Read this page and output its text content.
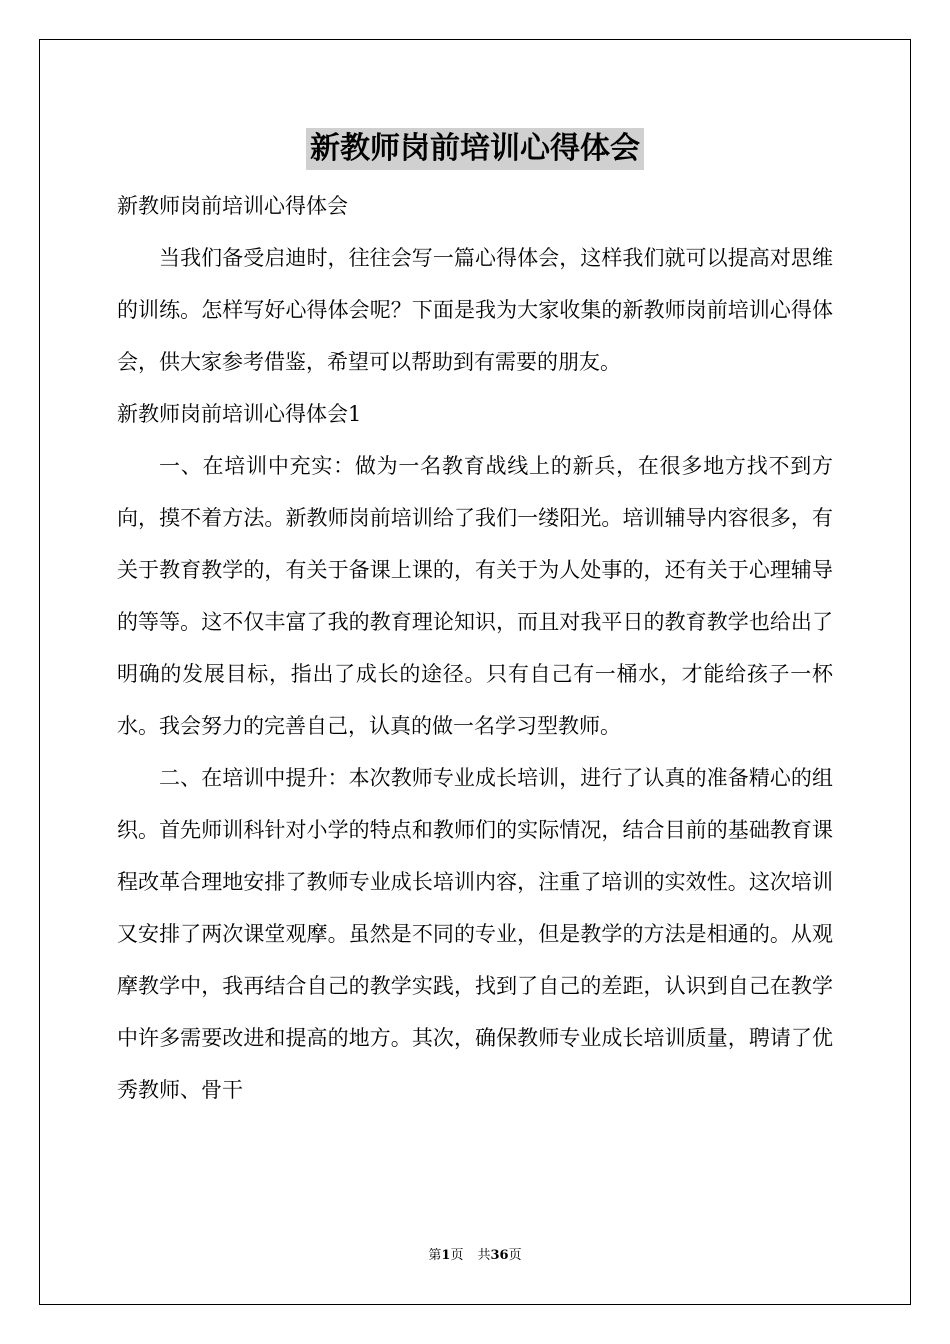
新教师岗前培训心得体会

新教师岗前培训心得体会

当我们备受启迪时，往往会写一篇心得体会，这样我们就可以提高对思维的训练。怎样写好心得体会呢？下面是我为大家收集的新教师岗前培训心得体会，供大家参考借鉴，希望可以帮助到有需要的朋友。

新教师岗前培训心得体会1

一、在培训中充实：做为一名教育战线上的新兵，在很多地方找不到方向，摸不着方法。新教师岗前培训给了我们一缕阳光。培训辅导内容很多，有关于教育教学的，有关于备课上课的，有关于为人处事的，还有关于心理辅导的等等。这不仅丰富了我的教育理论知识，而且对我平日的教育教学也给出了明确的发展目标，指出了成长的途径。只有自己有一桶水，才能给孩子一杯水。我会努力的完善自己，认真的做一名学习型教师。

二、在培训中提升：本次教师专业成长培训，进行了认真的准备精心的组织。首先师训科针对小学的特点和教师们的实际情况，结合目前的基础教育课程改革合理地安排了教师专业成长培训内容，注重了培训的实效性。这次培训又安排了两次课堂观摩。虽然是不同的专业，但是教学的方法是相通的。从观摩教学中，我再结合自己的教学实践，找到了自己的差距，认识到自己在教学中许多需要改进和提高的地方。其次，确保教师专业成长培训质量，聘请了优秀教师、骨干

第1页 共36页
